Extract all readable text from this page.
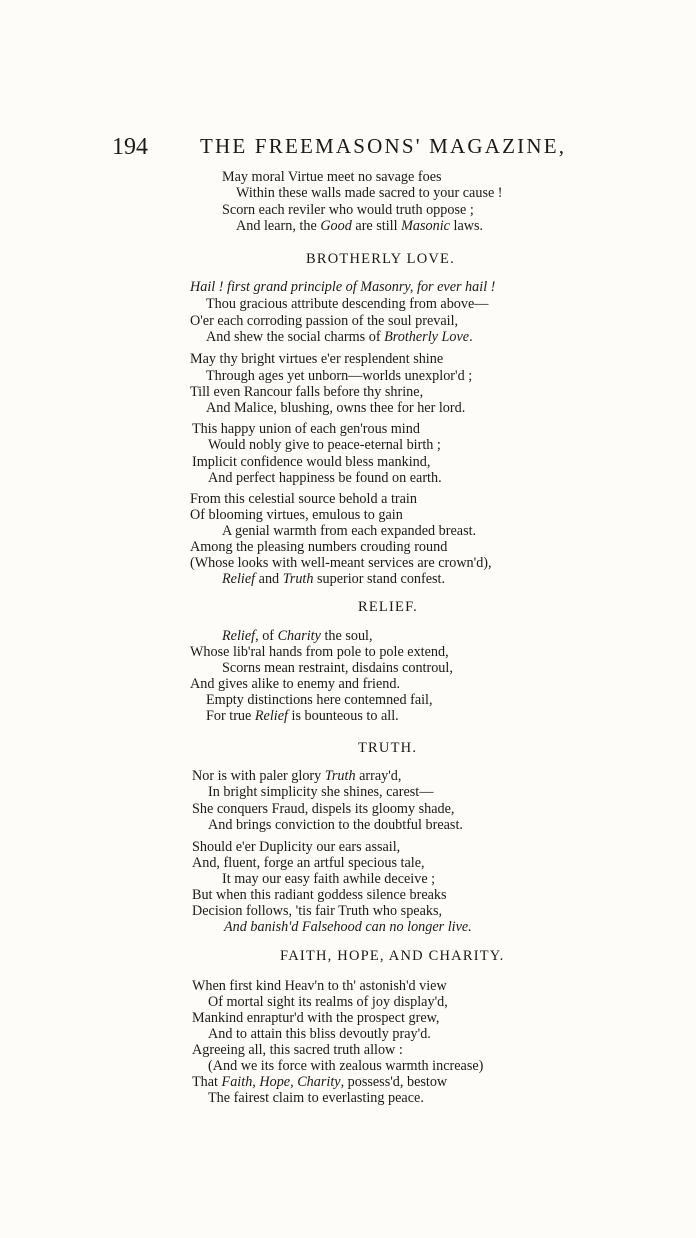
194 THE FREEMASONS' MAGAZINE,
May moral Virtue meet no savage foes
Within these walls made sacred to your cause !
Scorn each reviler who would truth oppose ;
And learn, the Good are still Masonic laws.
BROTHERLY LOVE.
Hail ! first grand principle of Masonry, for ever hail !
Thou gracious attribute descending from above—
O'er each corroding passion of the soul prevail,
And shew the social charms of Brotherly Love.
May thy bright virtues e'er resplendent shine
Through ages yet unborn—worlds unexplor'd ;
Till even Rancour falls before thy shrine,
And Malice, blushing, owns thee for her lord.
This happy union of each gen'rous mind
Would nobly give to peace-eternal birth ;
Implicit confidence would bless mankind,
And perfect happiness be found on earth.
From this celestial source behold a train
Of blooming virtues, emulous to gain
A genial warmth from each expanded breast.
Among the pleasing numbers crouding round
(Whose looks with well-meant services are crown'd),
Relief and Truth superior stand confest.
RELIEF.
Relief, of Charity the soul,
Whose lib'ral hands from pole to pole extend,
Scorns mean restraint, disdains controul,
And gives alike to enemy and friend.
Empty distinctions here contemned fail,
For true Relief is bounteous to all.
TRUTH.
Nor is with paler glory Truth array'd,
In bright simplicity she shines, carest—
She conquers Fraud, dispels its gloomy shade,
And brings conviction to the doubtful breast.
Should e'er Duplicity our ears assail,
And, fluent, forge an artful specious tale,
It may our easy faith awhile deceive ;
But when this radiant goddess silence breaks
Decision follows, 'tis fair Truth who speaks,
And banish'd Falsehood can no longer live.
FAITH, HOPE, AND CHARITY.
When first kind Heav'n to th' astonish'd view
Of mortal sight its realms of joy display'd,
Mankind enraptur'd with the prospect grew,
And to attain this bliss devoutly pray'd.
Agreeing all, this sacred truth allow :
(And we its force with zealous warmth increase)
That Faith, Hope, Charity, possess'd, bestow
The fairest claim to everlasting peace.
